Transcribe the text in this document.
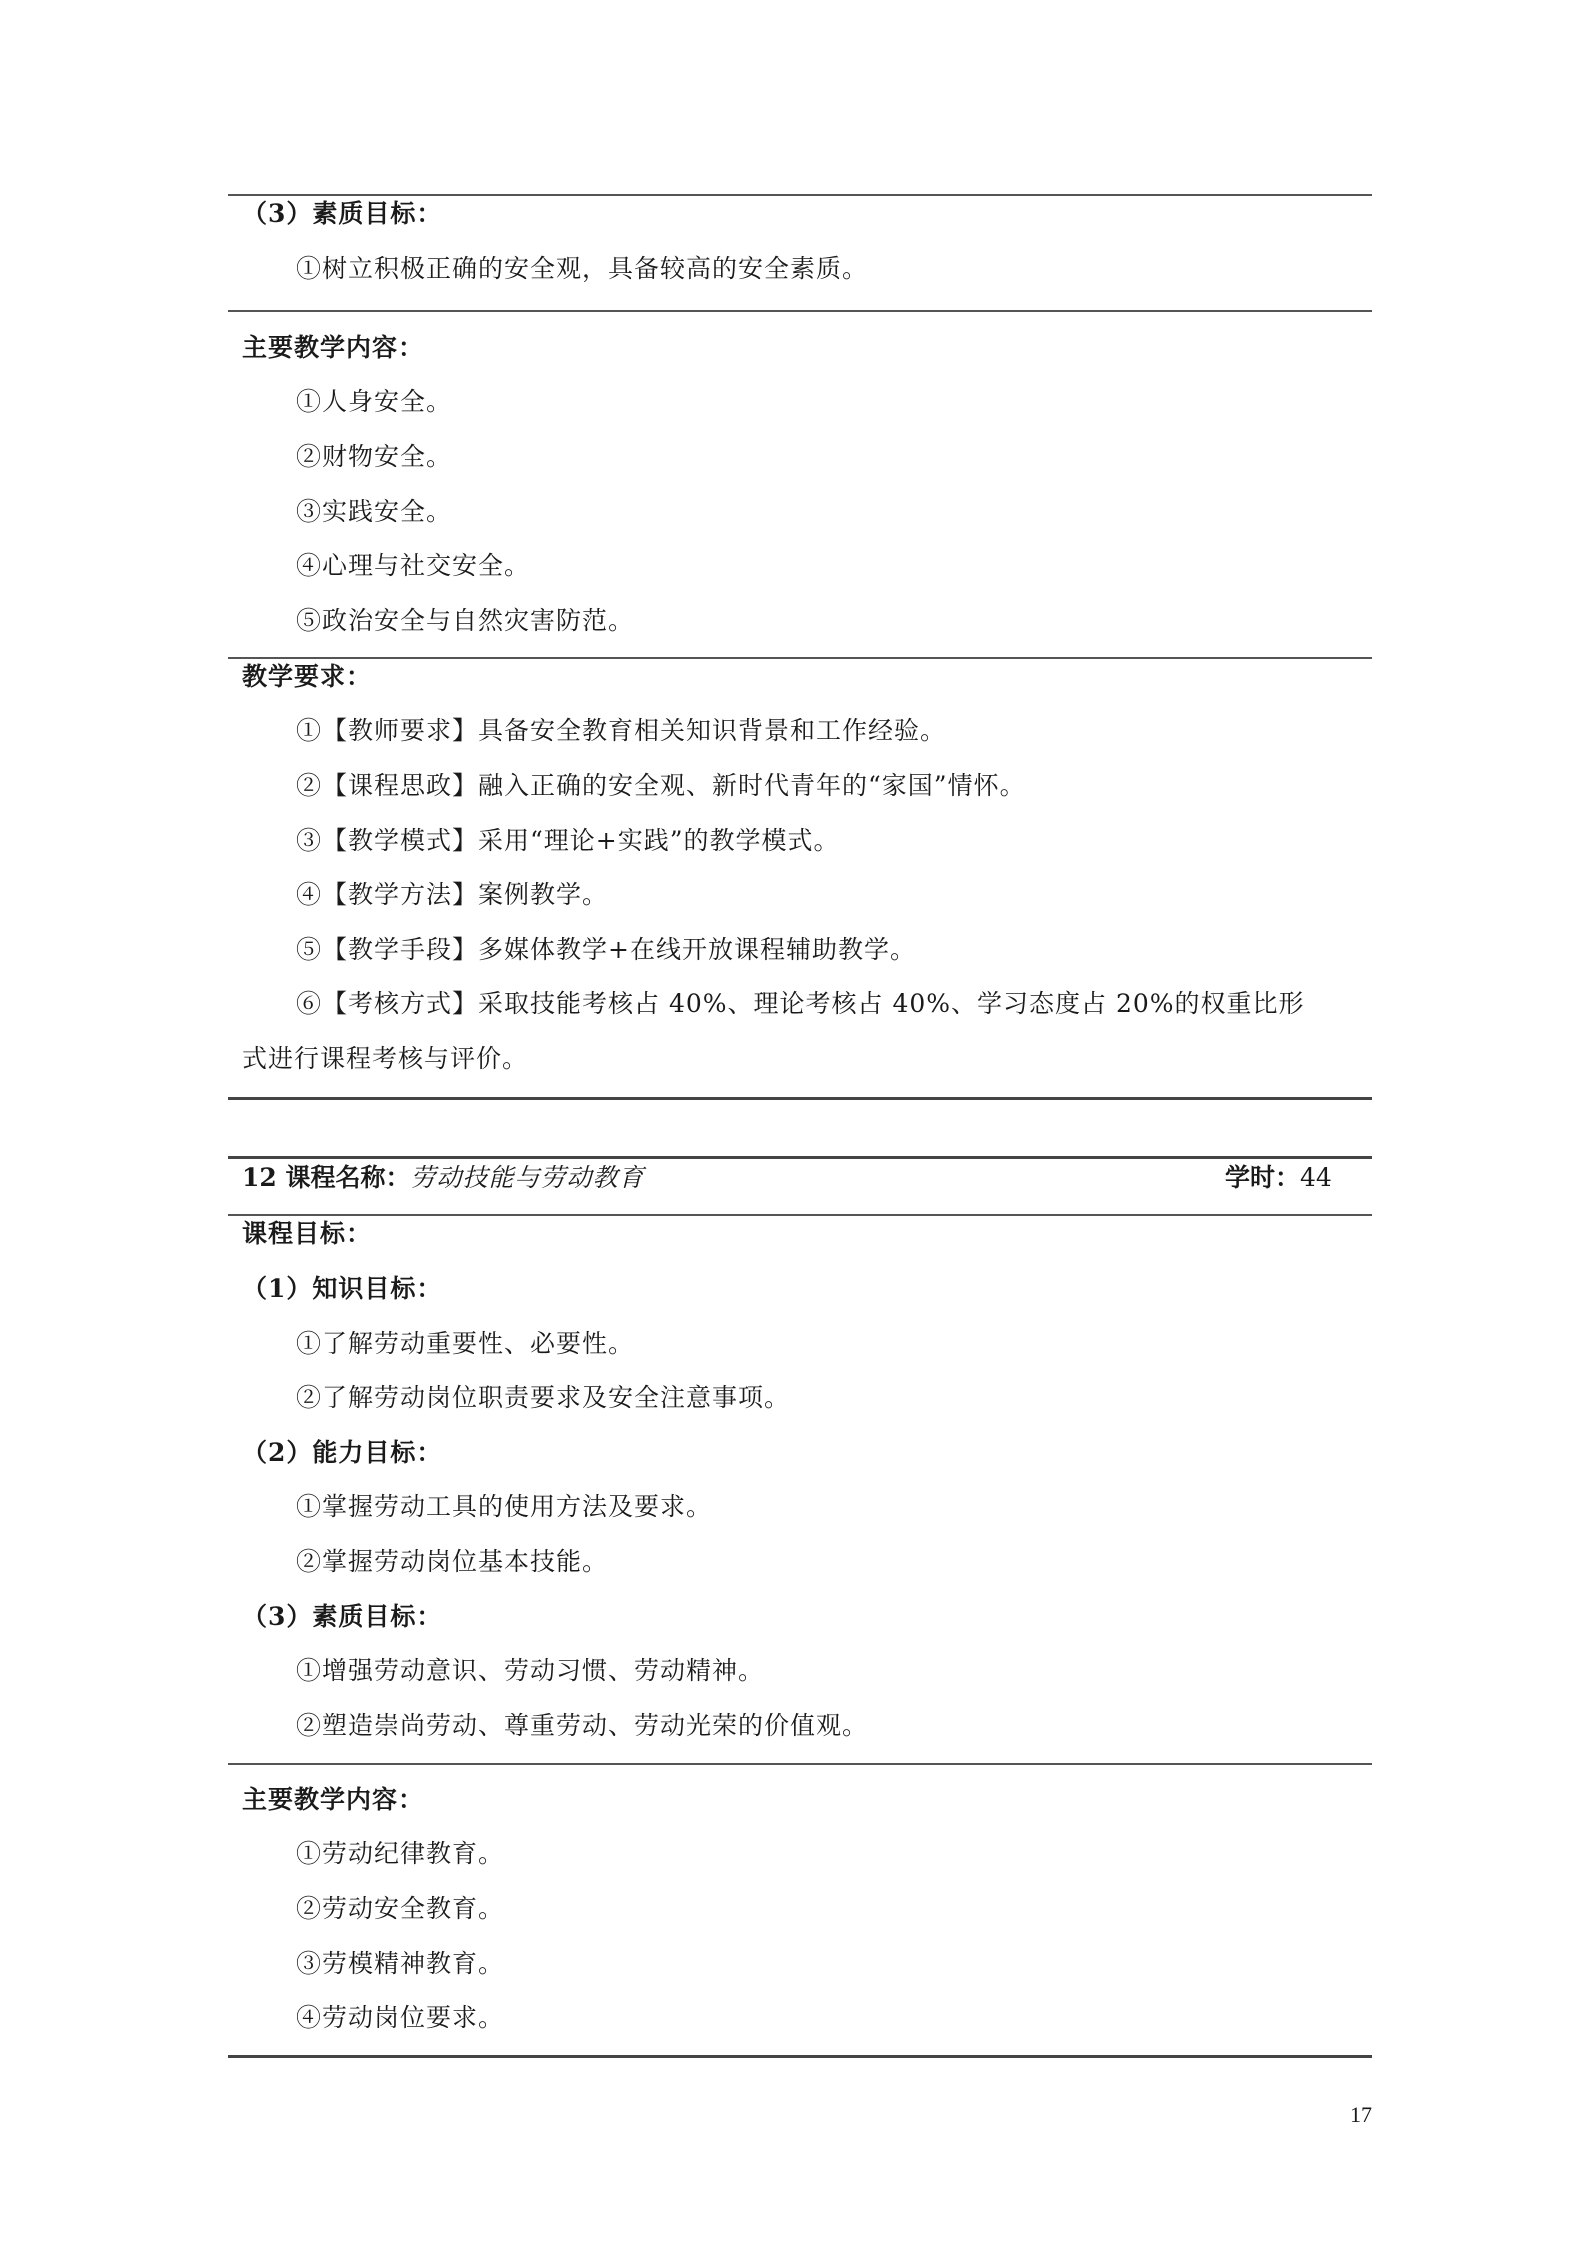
（3）素质目标：
①树立积极正确的安全观，具备较高的安全素质。
主要教学内容：
①人身安全。
②财物安全。
③实践安全。
④心理与社交安全。
⑤政治安全与自然灾害防范。
教学要求：
①【教师要求】具备安全教育相关知识背景和工作经验。
②【课程思政】融入正确的安全观、新时代青年的“家国”情怀。
③【教学模式】采用“理论+实践”的教学模式。
④【教学方法】案例教学。
⑤【教学手段】多媒体教学+在线开放课程辅助教学。
⑥【考核方式】采取技能考核占 40%、理论考核占 40%、学习态度占 20%的权重比形
式进行课程考核与评价。
12 课程名称：劳动技能与劳动教育	学时：44
课程目标：
（1）知识目标：
①了解劳动重要性、必要性。
②了解劳动岗位职责要求及安全注意事项。
（2）能力目标：
①掌握劳动工具的使用方法及要求。
②掌握劳动岗位基本技能。
（3）素质目标：
①增强劳动意识、劳动习惯、劳动精神。
②塑造崇尚劳动、尊重劳动、劳动光荣的价值观。
主要教学内容：
①劳动纪律教育。
②劳动安全教育。
③劳模精神教育。
④劳动岗位要求。
17
